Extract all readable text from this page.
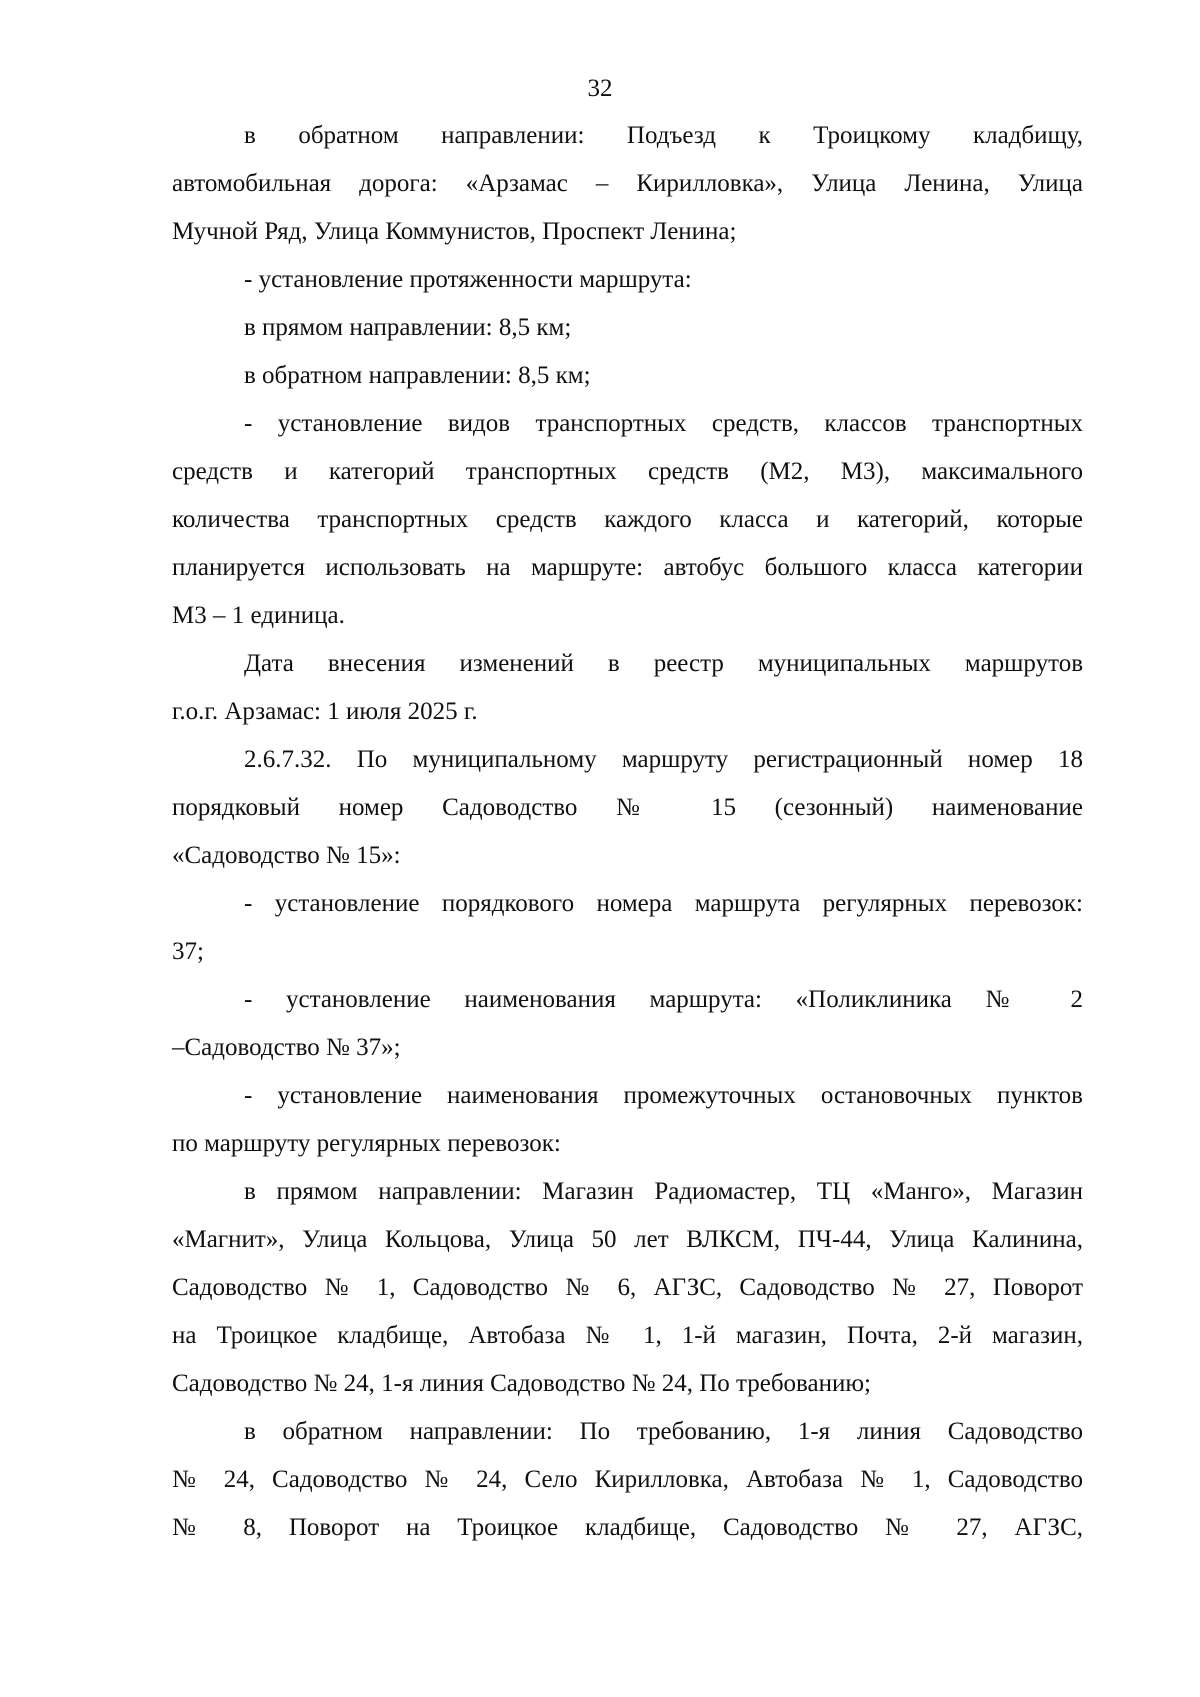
32
в обратном направлении: Подъезд к Троицкому кладбищу,
автомобильная дорога: «Арзамас – Кирилловка», Улица Ленина, Улица
Мучной Ряд, Улица Коммунистов, Проспект Ленина;
- установление протяженности маршрута:
в прямом направлении: 8,5 км;
в обратном направлении: 8,5 км;
- установление видов транспортных средств, классов транспортных
средств и категорий транспортных средств (М2, М3), максимального
количества транспортных средств каждого класса и категорий, которые
планируется использовать на маршруте: автобус большого класса категории
М3 – 1 единица.
Дата внесения изменений в реестр муниципальных маршрутов
г.о.г. Арзамас: 1 июля 2025 г.
2.6.7.32. По муниципальному маршруту регистрационный номер 18
порядковый номер Садоводство № 15 (сезонный) наименование
«Садоводство № 15»:
- установление порядкового номера маршрута регулярных перевозок:
37;
- установление наименования маршрута: «Поликлиника № 2
–Садоводство № 37»;
- установление наименования промежуточных остановочных пунктов
по маршруту регулярных перевозок:
в прямом направлении: Магазин Радиомастер, ТЦ «Манго», Магазин
«Магнит», Улица Кольцова, Улица 50 лет ВЛКСМ, ПЧ-44, Улица Калинина,
Садоводство № 1, Садоводство № 6, АГЗС, Садоводство № 27, Поворот
на Троицкое кладбище, Автобаза № 1, 1-й магазин, Почта, 2-й магазин,
Садоводство № 24, 1-я линия Садоводство № 24, По требованию;
в обратном направлении: По требованию, 1-я линия Садоводство
№ 24, Садоводство № 24, Село Кирилловка, Автобаза № 1, Садоводство
№ 8, Поворот на Троицкое кладбище, Садоводство № 27, АГЗС,
